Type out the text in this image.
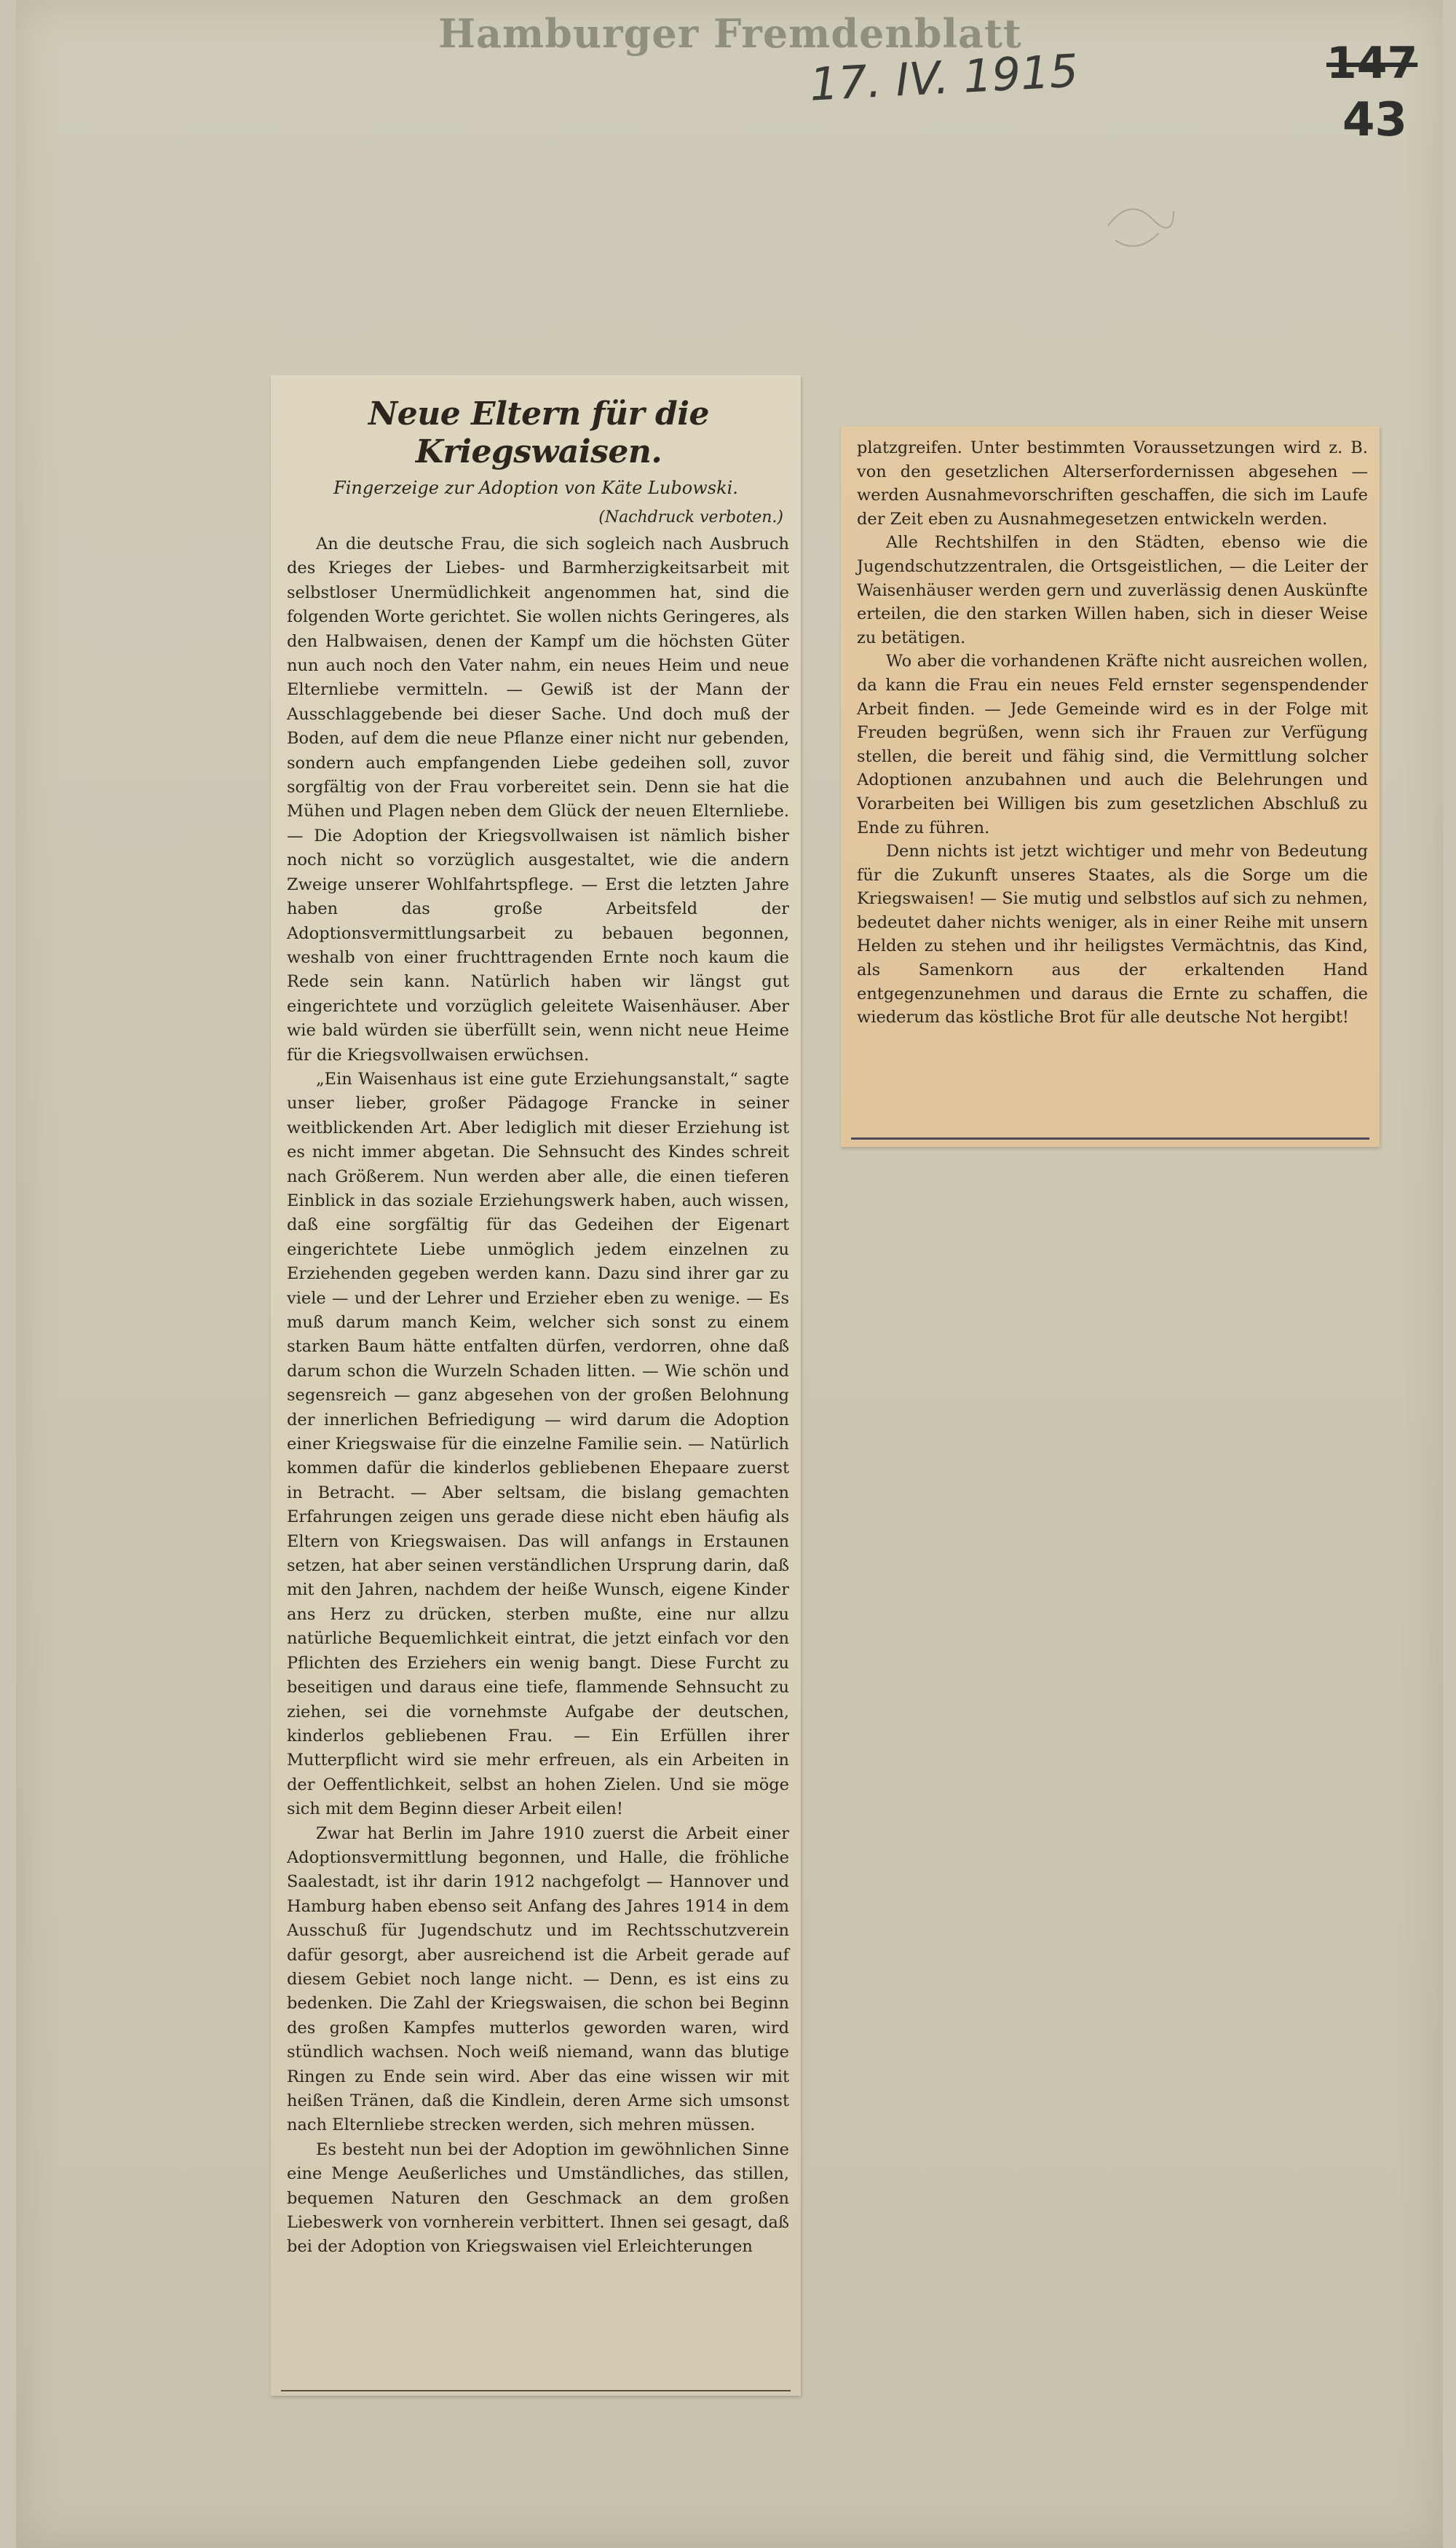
Hamburger Fremdenblatt
17. IV. 1915	147
43
Neue Eltern für die Kriegswaisen.
Fingerzeige zur Adoption von Käte Lubowski.
(Nachdruck verboten.)

An die deutsche Frau, die sich sogleich nach Ausbruch des Krieges der Liebes- und Barmherzigkeitsarbeit mit selbstloser Unermüdlichkeit angenommen hat, sind die folgenden Worte gerichtet. Sie wollen nichts Geringeres, als den Halbwaisen, denen der Kampf um die höchsten Güter nun auch noch den Vater nahm, ein neues Heim und neue Elternliebe vermitteln. — Gewiß ist der Mann der Ausschlaggebende bei dieser Sache. Und doch muß der Boden, auf dem die neue Pflanze einer nicht nur gebenden, sondern auch empfangenden Liebe gedeihen soll, zuvor sorgfältig von der Frau vorbereitet sein. Denn sie hat die Mühen und Plagen neben dem Glück der neuen Elternliebe. — Die Adoption der Kriegsvollwaisen ist nämlich bisher noch nicht so vorzüglich ausgestaltet, wie die andern Zweige unserer Wohlfahrtspflege. — Erst die letzten Jahre haben das große Arbeitsfeld der Adoptionsvermittlungsarbeit zu bebauen begonnen, weshalb von einer fruchttragenden Ernte noch kaum die Rede sein kann. Natürlich haben wir längst gut eingerichtete und vorzüglich geleitete Waisenhäuser. Aber wie bald würden sie überfüllt sein, wenn nicht neue Heime für die Kriegsvollwaisen erwüchsen.

„Ein Waisenhaus ist eine gute Erziehungsanstalt,“ sagte unser lieber, großer Pädagoge Francke in seiner weitblickenden Art. Aber lediglich mit dieser Erziehung ist es nicht immer abgetan. Die Sehnsucht des Kindes schreit nach Größerem. Nun werden aber alle, die einen tieferen Einblick in das soziale Erziehungswerk haben, auch wissen, daß eine sorgfältig für das Gedeihen der Eigenart eingerichtete Liebe unmöglich jedem einzelnen zu Erziehenden gegeben werden kann. Dazu sind ihrer gar zu viele — und der Lehrer und Erzieher eben zu wenige. — Es muß darum manch Keim, welcher sich sonst zu einem starken Baum hätte entfalten dürfen, verdorren, ohne daß darum schon die Wurzeln Schaden litten. — Wie schön und segensreich — ganz abgesehen von der großen Belohnung der innerlichen Befriedigung — wird darum die Adoption einer Kriegswaise für die einzelne Familie sein. — Natürlich kommen dafür die kinderlos gebliebenen Ehepaare zuerst in Betracht. — Aber seltsam, die bislang gemachten Erfahrungen zeigen uns gerade diese nicht eben häufig als Eltern von Kriegswaisen. Das will anfangs in Erstaunen setzen, hat aber seinen verständlichen Ursprung darin, daß mit den Jahren, nachdem der heiße Wunsch, eigene Kinder ans Herz zu drücken, sterben mußte, eine nur allzu natürliche Bequemlichkeit eintrat, die jetzt einfach vor den Pflichten des Erziehers ein wenig bangt. Diese Furcht zu beseitigen und daraus eine tiefe, flammende Sehnsucht zu ziehen, sei die vornehmste Aufgabe der deutschen, kinderlos gebliebenen Frau. — Ein Erfüllen ihrer Mutterpflicht wird sie mehr erfreuen, als ein Arbeiten in der Oeffentlichkeit, selbst an hohen Zielen. Und sie möge sich mit dem Beginn dieser Arbeit eilen!

Zwar hat Berlin im Jahre 1910 zuerst die Arbeit einer Adoptionsvermittlung begonnen, und Halle, die fröhliche Saalestadt, ist ihr darin 1912 nachgefolgt — Hannover und Hamburg haben ebenso seit Anfang des Jahres 1914 in dem Ausschuß für Jugendschutz und im Rechtsschutzverein dafür gesorgt, aber ausreichend ist die Arbeit gerade auf diesem Gebiet noch lange nicht. — Denn, es ist eins zu bedenken. Die Zahl der Kriegswaisen, die schon bei Beginn des großen Kampfes mutterlos geworden waren, wird stündlich wachsen. Noch weiß niemand, wann das blutige Ringen zu Ende sein wird. Aber das eine wissen wir mit heißen Tränen, daß die Kindlein, deren Arme sich umsonst nach Elternliebe strecken werden, sich mehren müssen.

Es besteht nun bei der Adoption im gewöhnlichen Sinne eine Menge Aeußerliches und Umständliches, das stillen, bequemen Naturen den Geschmack an dem großen Liebeswerk von vornherein verbittert. Ihnen sei gesagt, daß bei der Adoption von Kriegswaisen viel Erleichterungen

platzgreifen. Unter bestimmten Voraussetzungen wird z. B. von den gesetzlichen Alterserfordernissen abgesehen — werden Ausnahmevorschriften geschaffen, die sich im Laufe der Zeit eben zu Ausnahmegesetzen entwickeln werden.

Alle Rechtshilfen in den Städten, ebenso wie die Jugendschutzzentralen, die Ortsgeistlichen, — die Leiter der Waisenhäuser werden gern und zuverlässig denen Auskünfte erteilen, die den starken Willen haben, sich in dieser Weise zu betätigen.

Wo aber die vorhandenen Kräfte nicht ausreichen wollen, da kann die Frau ein neues Feld ernster segenspendender Arbeit finden. — Jede Gemeinde wird es in der Folge mit Freuden begrüßen, wenn sich ihr Frauen zur Verfügung stellen, die bereit und fähig sind, die Vermittlung solcher Adoptionen anzubahnen und auch die Belehrungen und Vorarbeiten bei Willigen bis zum gesetzlichen Abschluß zu Ende zu führen.

Denn nichts ist jetzt wichtiger und mehr von Bedeutung für die Zukunft unseres Staates, als die Sorge um die Kriegswaisen! — Sie mutig und selbstlos auf sich zu nehmen, bedeutet daher nichts weniger, als in einer Reihe mit unsern Helden zu stehen und ihr heiligstes Vermächtnis, das Kind, als Samenkorn aus der erkaltenden Hand entgegenzunehmen und daraus die Ernte zu schaffen, die wiederum das köstliche Brot für alle deutsche Not hergibt!
